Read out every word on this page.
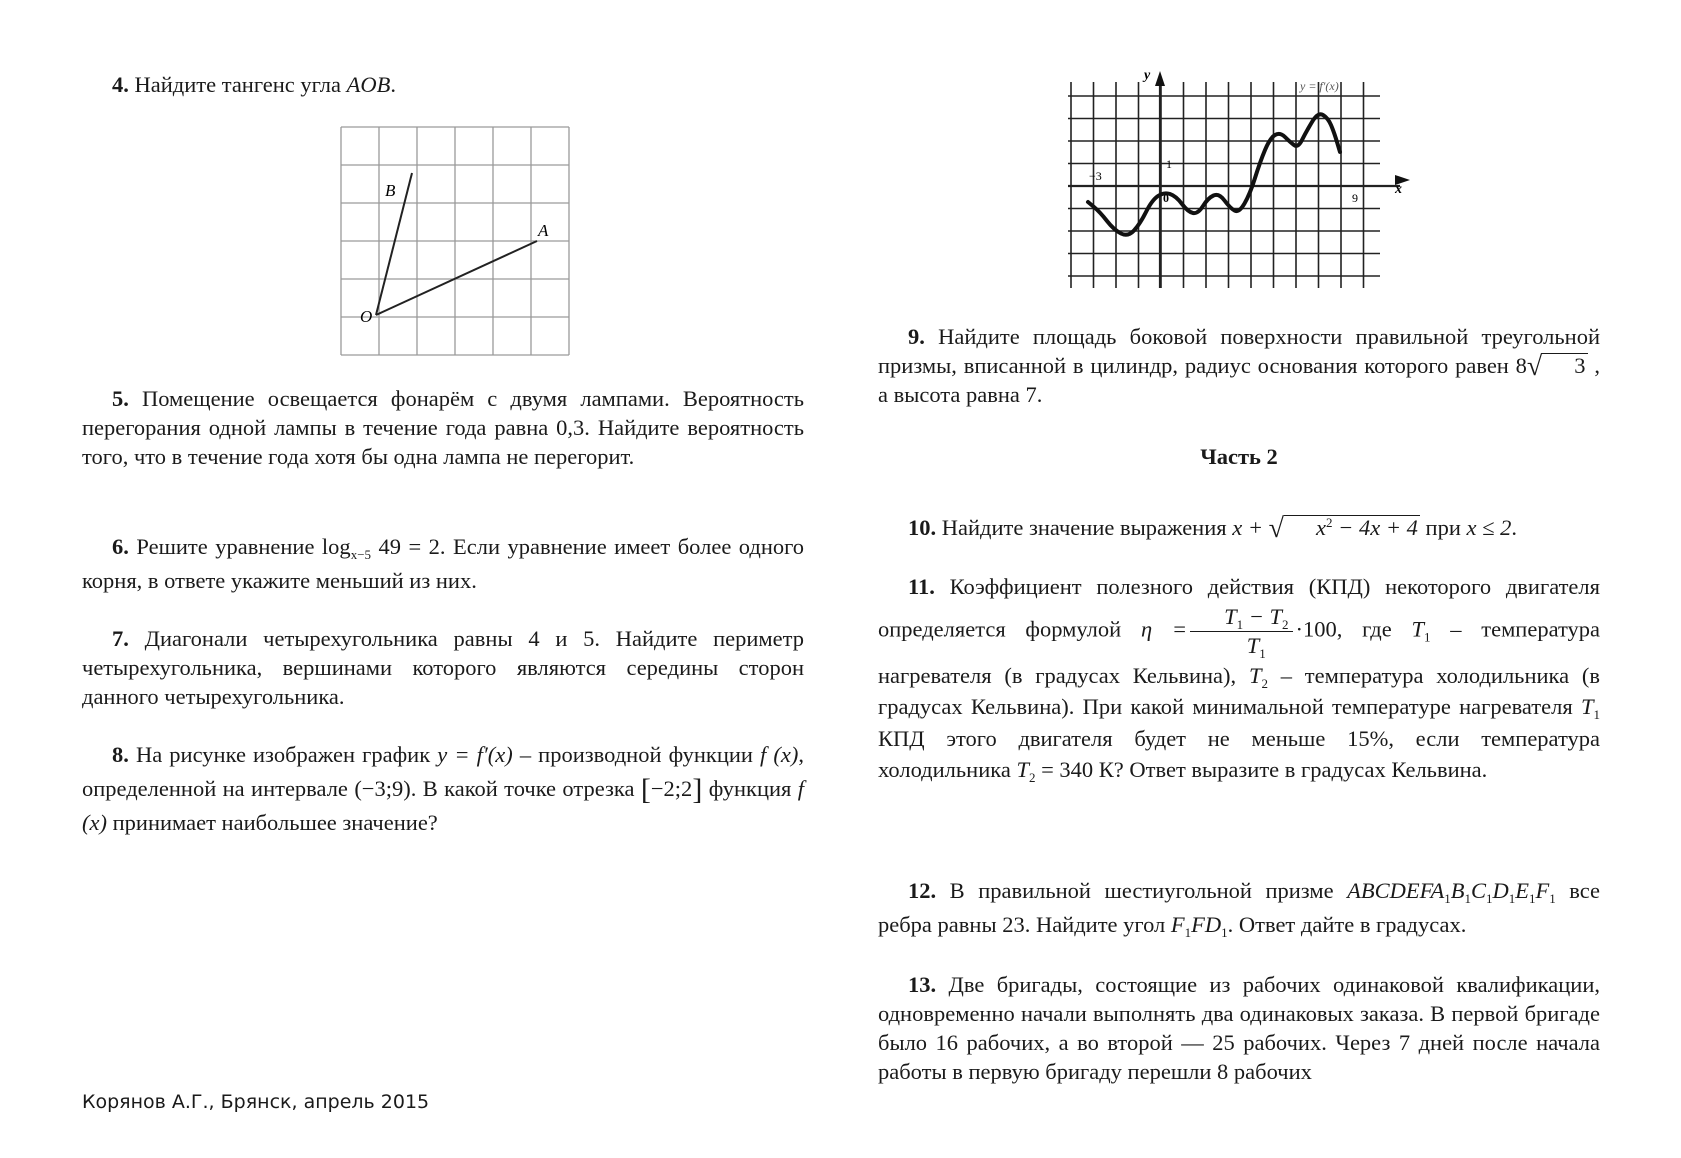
4. Найдите тангенс угла AOB.

B
A
O

5. Помещение освещается фонарём с двумя лампами. Вероятность перегорания одной лампы в течение года равна 0,3. Найдите вероятность того, что в течение года хотя бы одна лампа не перегорит.

6. Решите уравнение $\log_{x-5} 49 = 2$. Если уравнение имеет более одного корня, в ответе укажите меньший из них.

7. Диагонали четырехугольника равны 4 и 5. Найдите периметр четырехугольника, вершинами которого являются середины сторон данного четырехугольника.

8. На рисунке изображен график y = f′(x) – производной функции f (x), определенной на интервале (−3;9). В какой точке отрезка [−2;2] функция f (x) принимает наибольшее значение?

y
x
y = f′(x)
1
0
−3
9

9. Найдите площадь боковой поверхности правильной треугольной призмы, вписанной в цилиндр, радиус основания которого равен 8√ 3 , а высота равна 7.

Часть 2

10. Найдите значение выражения x + √ $x^2 - 4x + 4$ при x ≤ 2.

11. Коэффициент полезного действия (КПД) некоторого двигателя определяется формулой $\eta = \frac{T_1 - T_2}{T_1} \cdot 100$, где $T_1$ – температура нагревателя (в градусах Кельвина), $T_2$ – температура холодильника (в градусах Кельвина). При какой минимальной температуре нагревателя $T_1$ КПД этого двигателя будет не меньше 15%, если температура холодильника $T_2 = 340$ К? Ответ выразите в градусах Кельвина.

12. В правильной шестиугольной призме $ABCDEFA_1B_1C_1D_1E_1F_1$ все ребра равны 23. Найдите угол $F_1FD_1$. Ответ дайте в градусах.

13. Две бригады, состоящие из рабочих одинаковой квалификации, одновременно начали выполнять два одинаковых заказа. В первой бригаде было 16 рабочих, а во второй — 25 рабочих. Через 7 дней после начала работы в первую бригаду перешли 8 рабочих

Корянов А.Г., Брянск, апрель 2015
